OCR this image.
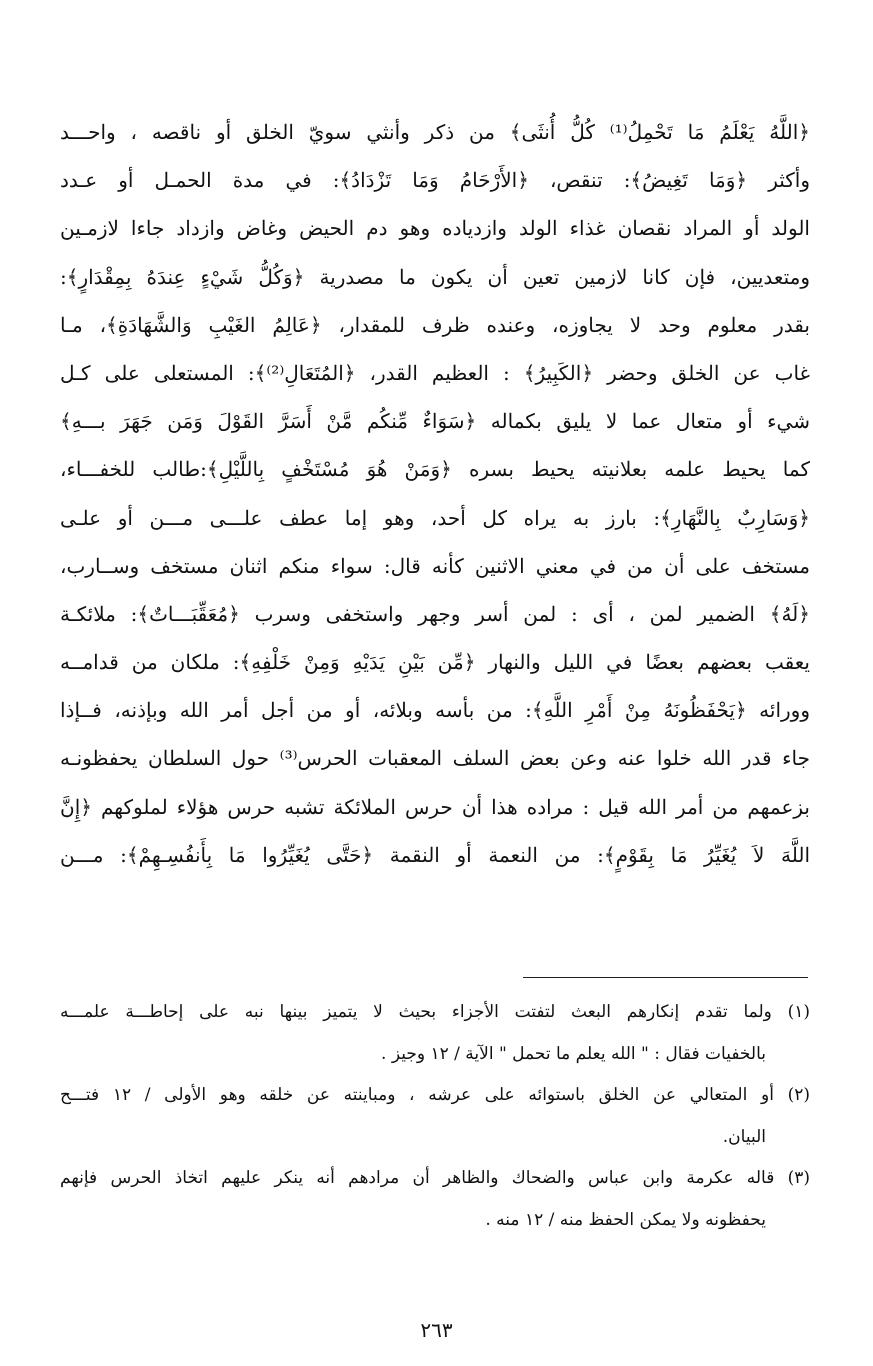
﴿اللَّهُ يَعْلَمُ مَا تَحْمِلُ⁽¹⁾ كُلُّ أُنثَى﴾ من ذكر وأنثي سويّ الخلق أو ناقصه ، واحـــد
وأكثر ﴿وَمَا تَغِيضُ﴾: تنقص، ﴿الأَرْحَامُ وَمَا تَزْدَادُ﴾: في مدة الحمـل أو عـدد
الولد أو المراد نقصان غذاء الولد وازدياده وهو دم الحيض وغاض وازداد جاءا لازمـين
ومتعديين، فإن كانا لازمين تعين أن يكون ما مصدرية ﴿وَكُلُّ شَيْءٍ عِندَهُ بِمِقْدَارٍ﴾:
بقدر معلوم وحد لا يجاوزه، وعنده ظرف للمقدار، ﴿عَالِمُ الغَيْبِ وَالشَّهَادَةِ﴾، مـا
غاب عن الخلق وحضر ﴿الكَبِيرُ﴾ : العظيم القدر، ﴿المُتَعَالِ⁽²⁾﴾: المستعلى على كـل
شيء أو متعال عما لا يليق بكماله ﴿سَوَاءٌ مِّنكُم مَّنْ أَسَرَّ القَوْلَ وَمَن جَهَرَ بـــهِ﴾
كما يحيط علمه بعلانيته يحيط بسره ﴿وَمَنْ هُوَ مُسْتَخْفٍ بِاللَّيْلِ﴾:طالب للخفـــاء،
﴿وَسَارِبٌ بِالنَّهَارِ﴾: بارز به يراه كل أحد، وهو إما عطف علـــى مـــن أو علـى
مستخف على أن من في معني الاثنين كأنه قال: سواء منكم اثنان مستخف وســارب،
﴿لَهُ﴾ الضمير لمن ، أى : لمن أسر وجهر واستخفى وسرب ﴿مُعَقِّبَـــاتٌ﴾: ملائكـة
يعقب بعضهم بعضًا في الليل والنهار ﴿مِّن بَيْنِ يَدَيْهِ وَمِنْ خَلْفِهِ﴾: ملكان من قدامــه
وورائه ﴿يَحْفَظُونَهُ مِنْ أَمْرِ اللَّهِ﴾: من بأسه وبلائه، أو من أجل أمر الله وبإذنه، فــإذا
جاء قدر الله خلوا عنه وعن بعض السلف المعقبات الحرس⁽³⁾ حول السلطان يحفظونـه
بزعمهم من أمر الله قيل : مراده هذا أن حرس الملائكة تشبه حرس هؤلاء لملوكهم ﴿إِنَّ
اللَّهَ لاَ يُغَيِّرُ مَا بِقَوْمٍ﴾: من النعمة أو النقمة ﴿حَتَّى يُغَيِّرُوا مَا بِأَنفُسِـهِمْ﴾: مـــن
(١) ولما تقدم إنكارهم البعث لتفتت الأجزاء بحيث لا يتميز بينها نبه على إحاطـــة علمـــه
بالخفيات فقال : " الله يعلم ما تحمل " الآية / ١٢ وجيز .
(٢) أو المتعالي عن الخلق باستوائه على عرشه ، ومباينته عن خلقه وهو الأولى / ١٢ فتـــح
البيان.
(٣) قاله عكرمة وابن عباس والضحاك والظاهر أن مرادهم أنه ينكر عليهم اتخاذ الحرس فإنهم
يحفظونه ولا يمكن الحفظ منه / ١٢ منه .
٢٦٣
